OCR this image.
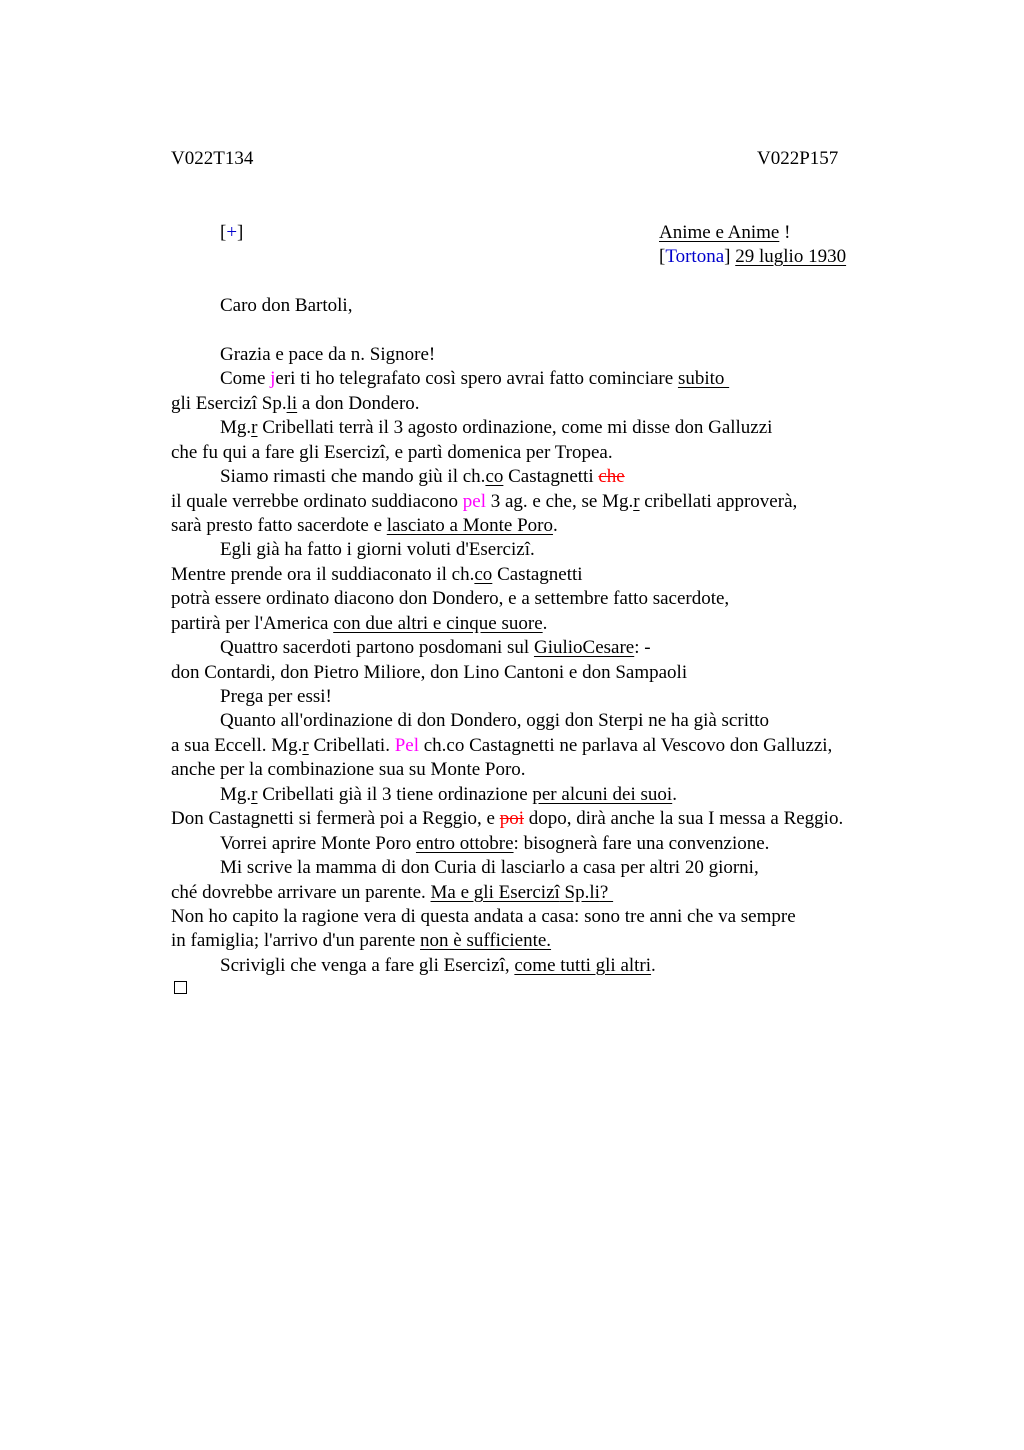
V022T134	V022P157
[+]	Anime e Anime !
[Tortona] 29 luglio 1930
Caro don Bartoli,
Grazia e pace da n. Signore!
Come jeri ti ho telegrafato così spero avrai fatto cominciare subito
gli Esercizi Sp.li a don Dondero.
Mg.r Cribellati terrà il 3 agosto ordinazione, come mi disse don Galluzzi
che fu qui a fare gli Esercizi, e partì domenica per Tropea.
Siamo rimasti che mando giù il ch.co Castagnetti che
il quale verrebbe ordinato suddiacono pel 3 ag. e che, se Mg.r cribellati approverà,
sarà presto fatto sacerdote e lasciato a Monte Poro.
Egli già ha fatto i giorni voluti d'Esercizi.
Mentre prende ora il suddiaconato il ch.co Castagnetti
potrà essere ordinato diacono don Dondero, e a settembre fatto sacerdote,
partirà per l'America con due altri e cinque suore.
Quattro sacerdoti partono posdomani sul GiulioCesare: -
don Contardi, don Pietro Miliore, don Lino Cantoni e don Sampaoli
Prega per essi!
Quanto all'ordinazione di don Dondero, oggi don Sterpi ne ha già scritto
a sua Eccell. Mg.r Cribellati. Pel ch.co Castagnetti ne parlava al Vescovo don Galluzzi,
anche per la combinazione sua su Monte Poro.
Mg.r Cribellati già il 3 tiene ordinazione per alcuni dei suoi.
Don Castagnetti si fermerà poi a Reggio, e poi dopo, dirà anche la sua I messa a Reggio.
Vorrei aprire Monte Poro entro ottobre: bisognerà fare una convenzione.
Mi scrive la mamma di don Curia di lasciarlo a casa per altri 20 giorni,
ché dovrebbe arrivare un parente. Ma e gli Esercizi Sp.li?
Non ho capito la ragione vera di questa andata a casa: sono tre anni che va sempre
in famiglia; l'arrivo d'un parente non è sufficiente.
Scrivigli che venga a fare gli Esercizi, come tutti gli altri.
